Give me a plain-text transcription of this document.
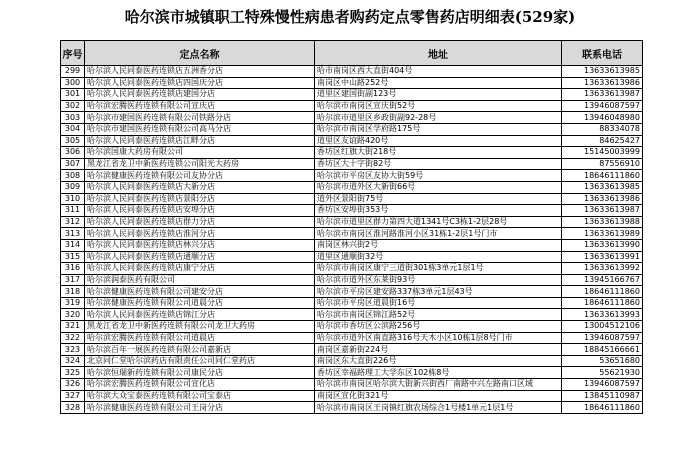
哈尔滨市城镇职工特殊慢性病患者购药定点零售药店明细表(529家)
序号	定点名称	地址	联系电话
299	哈尔滨人民同泰医药连锁店五洲香分店	哈市南岗区西大直街404号	13633613985
300	哈尔滨人民同泰医药连锁店四国庆分店	南岗区中山路252号	13633613986
301	哈尔滨人民同泰医药连锁店建国分店	道里区建国街副123号	13633613987
302	哈尔滨宏腾医药连锁有限公司宣庆店	哈尔滨市南岗区宣庆街52号	13946087597
303	哈尔滨市建国医药连锁有限公司铁路分店	哈尔滨市道里区乡政街副92-28号	13946048980
304	哈尔滨市建国医药连锁有限公司高马分店	哈尔滨市南岗区学府路175号	88334078
305	哈尔滨人民同泰医药连锁店江畔分店	道里区友谊路420号	84625427
306	哈尔滨国康大药房有限公司	香坊区红旗大街218号	15145003999
307	黑龙江省龙卫中新医药连锁公司阳光大药房	香坊区大十字街82号	87556910
308	哈尔滨健康医药连锁有限公司友协分店	哈尔滨市平房区友协大街59号	18646111860
309	哈尔滨人民同泰医药连锁店大新分店	哈尔滨市道外区大新街66号	13633613985
310	哈尔滨人民同泰医药连锁店景阳分店	道外区景阳街75号	13633613986
311	哈尔滨人民同泰医药连锁店安埠分店	香坊区安埠街353号	13633613987
312	哈尔滨人民同泰医药连锁店群力分店	哈尔滨市道里区群力第四大道1341号C3栋1-2层28号	13633613988
313	哈尔滨人民同泰医药连锁店淮河分店	哈尔滨市南岗区淮河路淮河小区31栋1-2层1号门市	13633613989
314	哈尔滨人民同泰医药连锁店林兴分店	南岗区林兴街2号	13633613990
315	哈尔滨人民同泰医药连锁店通顺分店	道里区通顺街32号	13633613991
316	哈尔滨人民同泰医药连锁店康宁分店	哈尔滨市南岗区康宁三道街301栋3单元1层1号	13633613992
317	哈尔滨润泰医药有限公司	哈尔滨市道外区东莱街93号	13945166767
318	哈尔滨健康医药连锁有限公司建安分店	哈尔滨市平房区建安路337栋3单元1层43号	18646111860
319	哈尔滨健康医药连锁有限公司道晨分店	哈尔滨市平房区道晨街16号	18646111860
320	哈尔滨人民同泰医药连锁店锦江分店	哈尔滨市南岗区锦江路52号	13633613993
321	黑龙江省龙卫中新医药连锁有限公司龙卫大药房	哈尔滨市香坊区公滨路256号	13004512106
322	哈尔滨宏腾医药连锁有限公司道晨店	哈尔滨市道外区南直路316号天木小区10栋1层8号门市	13946087597
323	哈尔滨百年一展医药连锁有限公司嘉新店	南岗区嘉新街224号	18845166661
324	北京同仁堂哈尔滨药店有限责任公司同仁堂药店	南岗区东大直街226号	53651680
325	哈尔滨恒瑞新药连锁有限公司康民分店	香坊区幸福路理工大学东区102栋8号	55621930
326	哈尔滨宏腾医药连锁有限公司宣化店	哈尔滨市南岗区哈尔滨大街新兴街西厂南路中兴左路南口区域	13946087597
327	哈尔滨大众宝泰医药连锁有限公司宝泰店	南岗区宣化街321号	13845110987
328	哈尔滨健康医药连锁有限公司王岗分店	哈尔滨市南岗区王岗镇红旗农场综合1号楼1单元1层1号	18646111860
